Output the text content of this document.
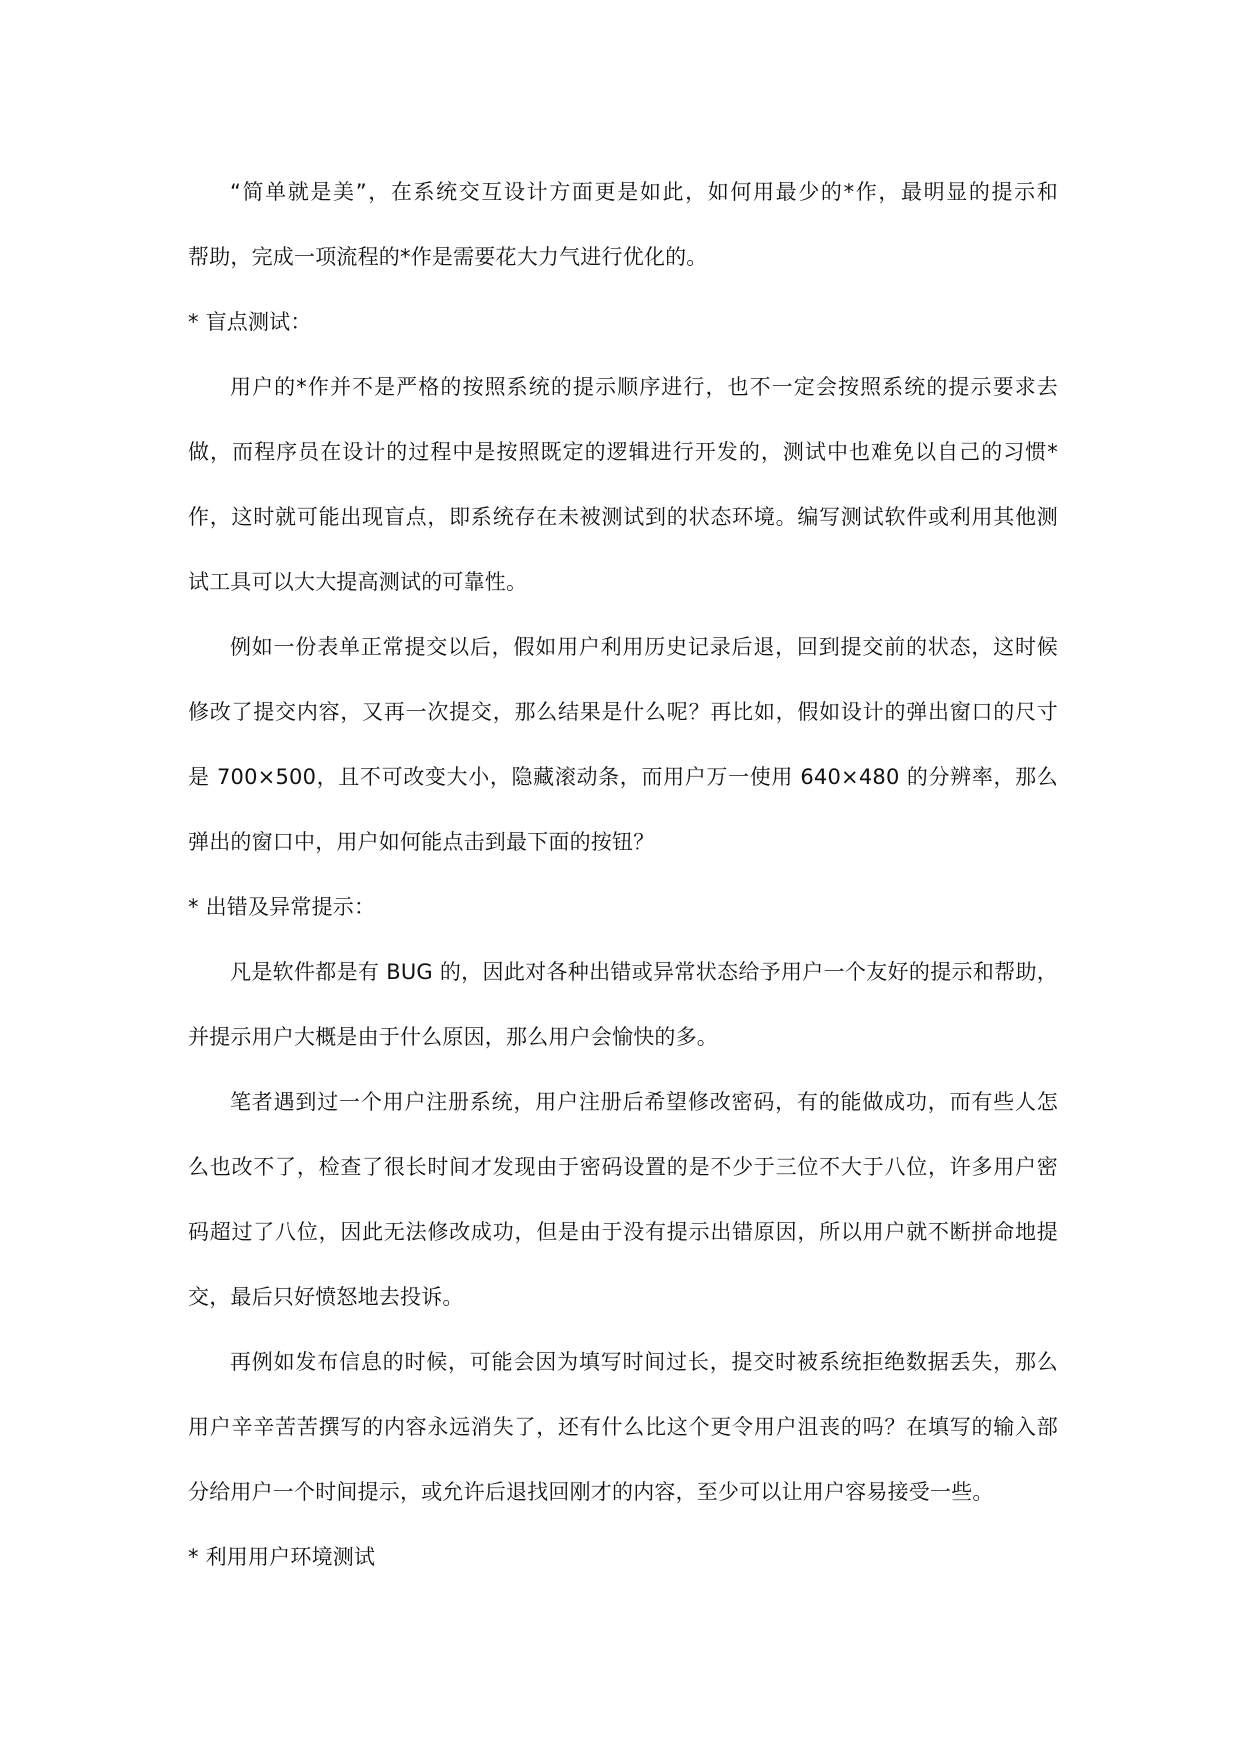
“简单就是美”，在系统交互设计方面更是如此，如何用最少的*作，最明显的提示和
帮助，完成一项流程的*作是需要花大力气进行优化的。
* 盲点测试：
用户的*作并不是严格的按照系统的提示顺序进行，也不一定会按照系统的提示要求去
做，而程序员在设计的过程中是按照既定的逻辑进行开发的，测试中也难免以自己的习惯*
作，这时就可能出现盲点，即系统存在未被测试到的状态环境。编写测试软件或利用其他测
试工具可以大大提高测试的可靠性。
例如一份表单正常提交以后，假如用户利用历史记录后退，回到提交前的状态，这时候
修改了提交内容，又再一次提交，那么结果是什么呢？再比如，假如设计的弹出窗口的尺寸
是 700×500，且不可改变大小，隐藏滚动条，而用户万一使用 640×480 的分辨率，那么
弹出的窗口中，用户如何能点击到最下面的按钮？
* 出错及异常提示：
凡是软件都是有 BUG 的，因此对各种出错或异常状态给予用户一个友好的提示和帮助，
并提示用户大概是由于什么原因，那么用户会愉快的多。
笔者遇到过一个用户注册系统，用户注册后希望修改密码，有的能做成功，而有些人怎
么也改不了，检查了很长时间才发现由于密码设置的是不少于三位不大于八位，许多用户密
码超过了八位，因此无法修改成功，但是由于没有提示出错原因，所以用户就不断拼命地提
交，最后只好愤怒地去投诉。
再例如发布信息的时候，可能会因为填写时间过长，提交时被系统拒绝数据丢失，那么
用户辛辛苦苦撰写的内容永远消失了，还有什么比这个更令用户沮丧的吗？在填写的输入部
分给用户一个时间提示，或允许后退找回刚才的内容，至少可以让用户容易接受一些。
* 利用用户环境测试
